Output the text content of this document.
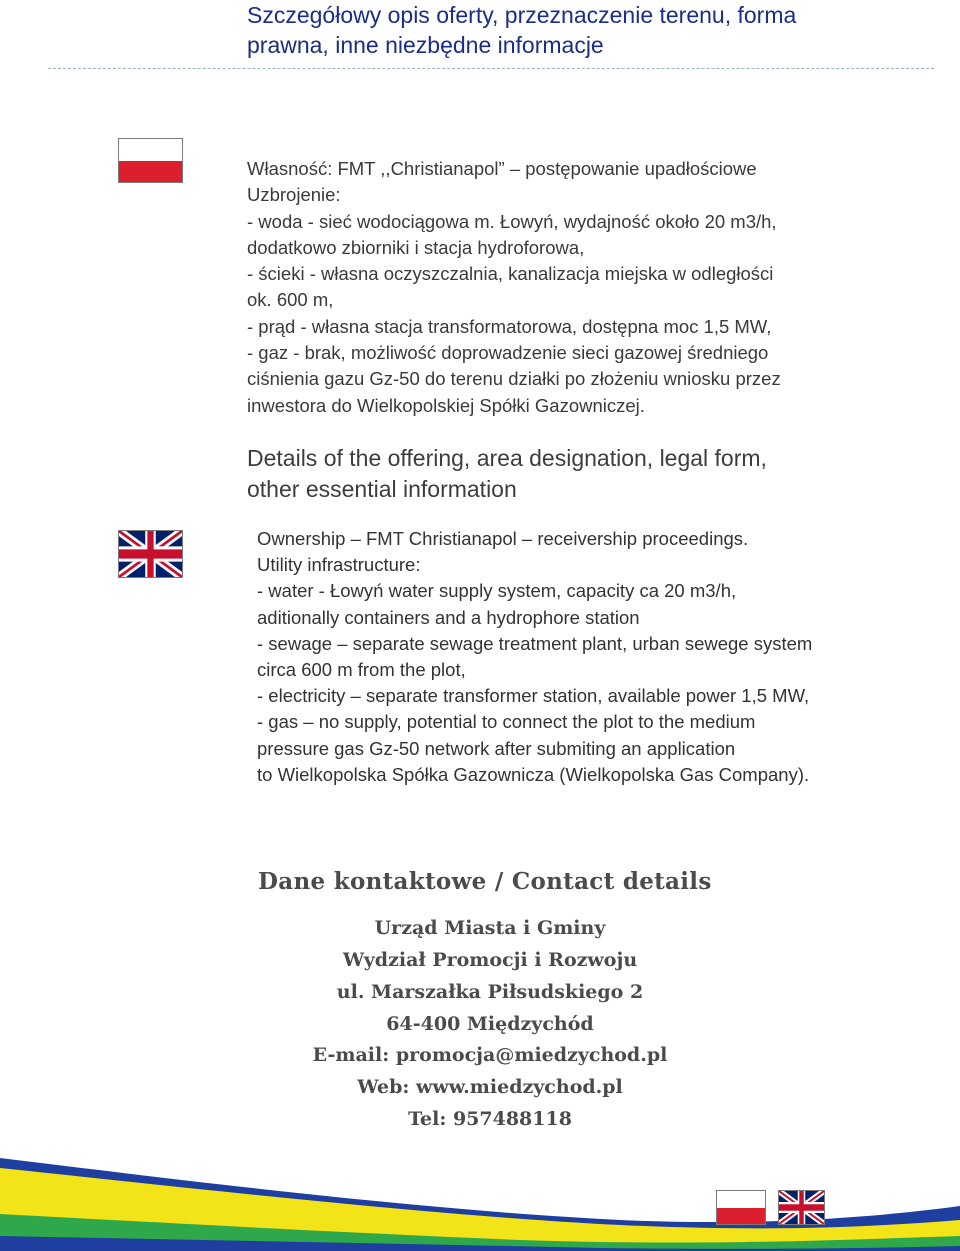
Szczegółowy opis oferty, przeznaczenie terenu, forma
prawna, inne niezbędne informacje
Własność: FMT ,,Christianapol” – postępowanie upadłościowe
Uzbrojenie:
- woda - sieć wodociągowa m. Łowyń, wydajność około 20 m3/h,
dodatkowo zbiorniki i stacja hydroforowa,
- ścieki - własna oczyszczalnia, kanalizacja miejska w odległości
ok. 600 m,
- prąd - własna stacja transformatorowa, dostępna moc 1,5 MW,
- gaz - brak, możliwość doprowadzenie sieci gazowej średniego
ciśnienia gazu Gz-50 do terenu działki po złożeniu wniosku przez
inwestora do Wielkopolskiej Spółki Gazowniczej.
Details of the offering, area designation, legal form,
other essential information
Ownership – FMT Christianapol – receivership proceedings.
Utility infrastructure:
- water - Łowyń water supply system, capacity ca 20 m3/h,
aditionally containers and a hydrophore station
- sewage – separate sewage treatment plant, urban sewege system
circa 600 m from the plot,
- electricity – separate transformer station, available power 1,5 MW,
- gas – no supply, potential to connect the plot to the medium
pressure gas Gz-50 network after submiting an application
to Wielkopolska Spółka Gazownicza (Wielkopolska Gas Company).
Dane kontaktowe / Contact details
Urząd Miasta i Gminy
Wydział Promocji i Rozwoju
ul. Marszałka Piłsudskiego 2
64-400 Międzychód
E-mail: promocja@miedzychod.pl
Web: www.miedzychod.pl
Tel: 957488118
